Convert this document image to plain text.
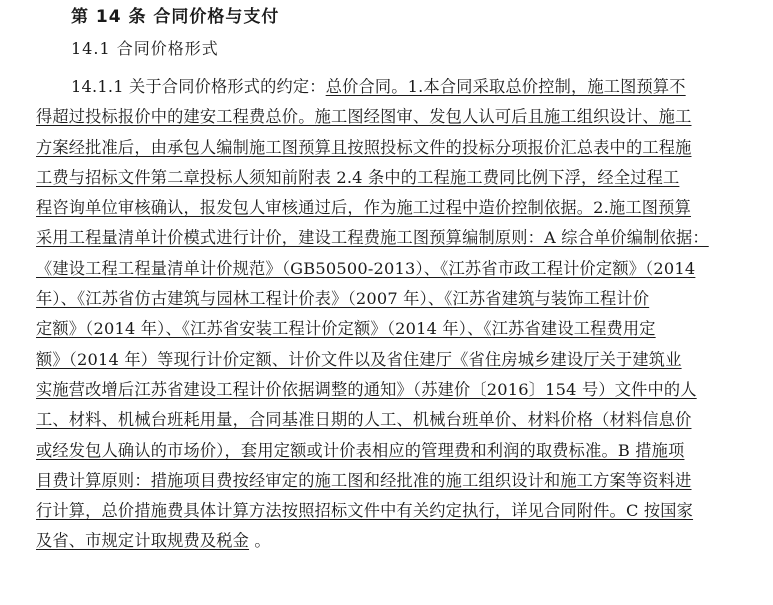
第 14 条 合同价格与支付
14.1 合同价格形式
14.1.1 关于合同价格形式的约定：总价合同。1.本合同采取总价控制，施工图预算不
得超过投标报价中的建安工程费总价。施工图经图审、发包人认可后且施工组织设计、施工
方案经批准后，由承包人编制施工图预算且按照投标文件的投标分项报价汇总表中的工程施
工费与招标文件第二章投标人须知前附表 2.4 条中的工程施工费同比例下浮，经全过程工
程咨询单位审核确认，报发包人审核通过后，作为施工过程中造价控制依据。2.施工图预算
采用工程量清单计价模式进行计价，建设工程费施工图预算编制原则：A 综合单价编制依据：
《建设工程工程量清单计价规范》（GB50500-2013）、《江苏省市政工程计价定额》（2014
年）、《江苏省仿古建筑与园林工程计价表》（2007 年）、《江苏省建筑与装饰工程计价
定额》（2014 年）、《江苏省安装工程计价定额》（2014 年）、《江苏省建设工程费用定
额》（2014 年）等现行计价定额、计价文件以及省住建厅《省住房城乡建设厅关于建筑业
实施营改增后江苏省建设工程计价依据调整的通知》（苏建价〔2016〕154 号）文件中的人
工、材料、机械台班耗用量，合同基准日期的人工、机械台班单价、材料价格（材料信息价
或经发包人确认的市场价），套用定额或计价表相应的管理费和利润的取费标准。B 措施项
目费计算原则：措施项目费按经审定的施工图和经批准的施工组织设计和施工方案等资料进
行计算，总价措施费具体计算方法按照招标文件中有关约定执行，详见合同附件。C 按国家
及省、市规定计取规费及税金 。
